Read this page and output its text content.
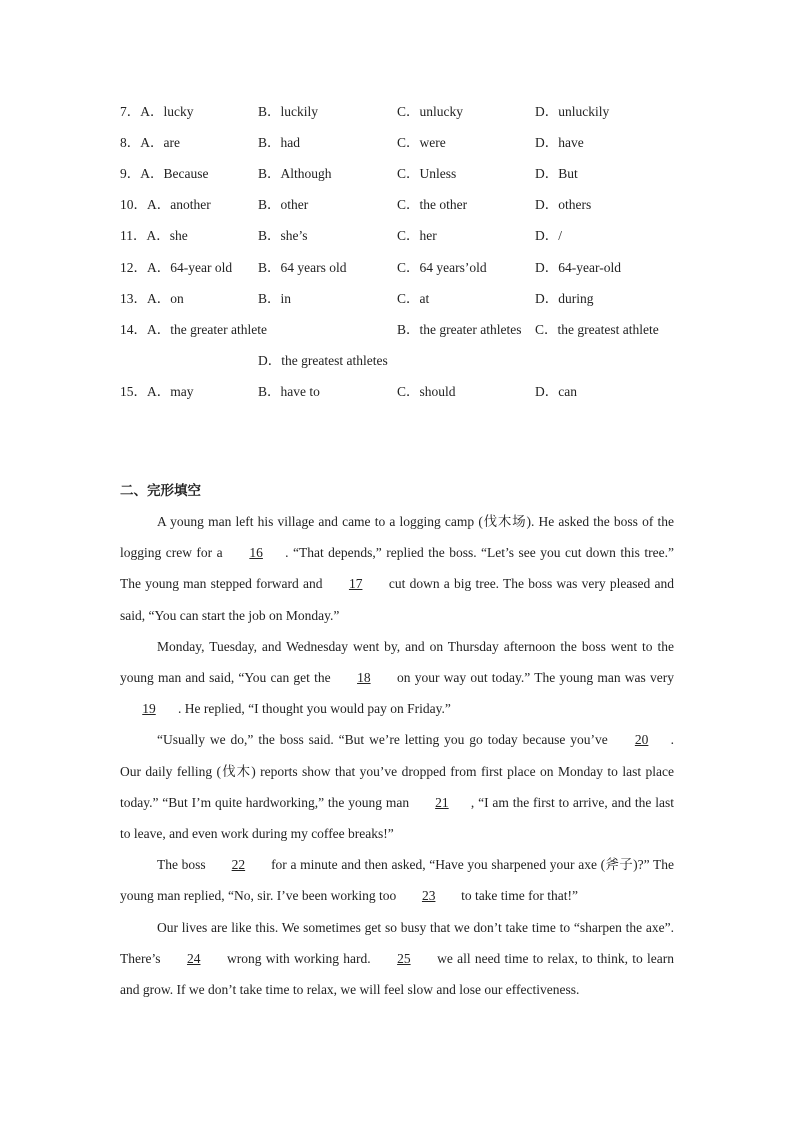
7．A．lucky	B．luckily	C．unlucky	D．unluckily
8．A．are	B．had	C．were	D．have
9．A．Because	B．Although	C．Unless	D．But
10．A．another	B．other	C．the other	D．others
11．A．she	B．she’s	C．her	D．/
12．A．64-year old B．64 years old	C．64 years’old	D．64-year-old
13．A．on	B．in	C．at	D．during
14．A．the greater athlete	B．the greater athletes C．the greatest athlete
D．the greatest athletes
15．A．may	B．have to	C．should	D．can
二、完形填空

A young man left his village and came to a logging camp (伐木场). He asked the boss of the logging crew for a 16 . “That depends,” replied the boss. “Let’s see you cut down this tree.” The young man stepped forward and 17 cut down a big tree. The boss was very pleased and said, “You can start the job on Monday.”

Monday, Tuesday, and Wednesday went by, and on Thursday afternoon the boss went to the young man and said, “You can get the 18 on your way out today.” The young man was very 19 . He replied, “I thought you would pay on Friday.”

“Usually we do,” the boss said. “But we’re letting you go today because you’ve 20 . Our daily felling (伐木) reports show that you’ve dropped from first place on Monday to last place today.” “But I’m quite hardworking,” the young man 21 , “I am the first to arrive, and the last to leave, and even work during my coffee breaks!”

The boss 22 for a minute and then asked, “Have you sharpened your axe (斧子)?” The young man replied, “No, sir. I’ve been working too 23 to take time for that!”

Our lives are like this. We sometimes get so busy that we don’t take time to “sharpen the axe”. There’s 24 wrong with working hard. 25 we all need time to relax, to think, to learn and grow. If we don’t take time to relax, we will feel slow and lose our effectiveness.
